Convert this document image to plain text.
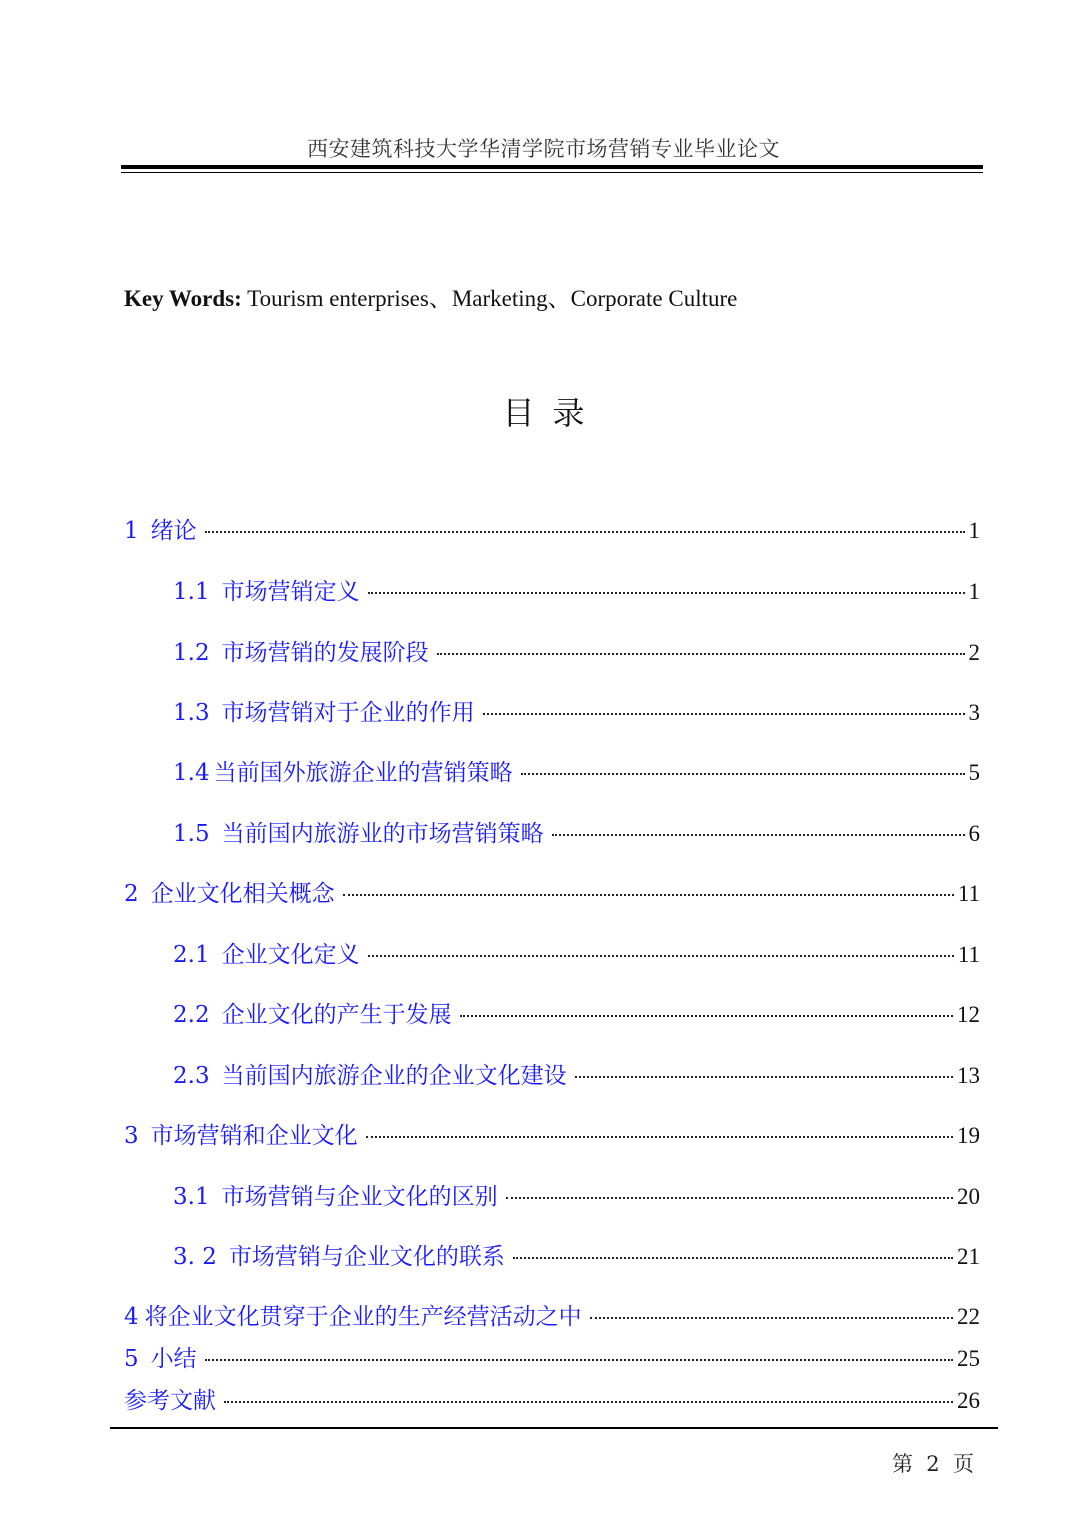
西安建筑科技大学华清学院市场营销专业毕业论文
Key Words: Tourism enterprises、Marketing、Corporate Culture
目录
1 绪论	1
1.1 市场营销定义	1
1.2 市场营销的发展阶段	2
1.3 市场营销对于企业的作用	3
1.4 当前国外旅游企业的营销策略	5
1.5 当前国内旅游业的市场营销策略	6
2 企业文化相关概念	11
2.1 企业文化定义	11
2.2 企业文化的产生于发展	12
2.3 当前国内旅游企业的企业文化建设	13
3 市场营销和企业文化	19
3.1 市场营销与企业文化的区别	20
3. 2 市场营销与企业文化的联系	21
4 将企业文化贯穿于企业的生产经营活动之中	22
5 小结	25
参考文献	26
第  2  页
